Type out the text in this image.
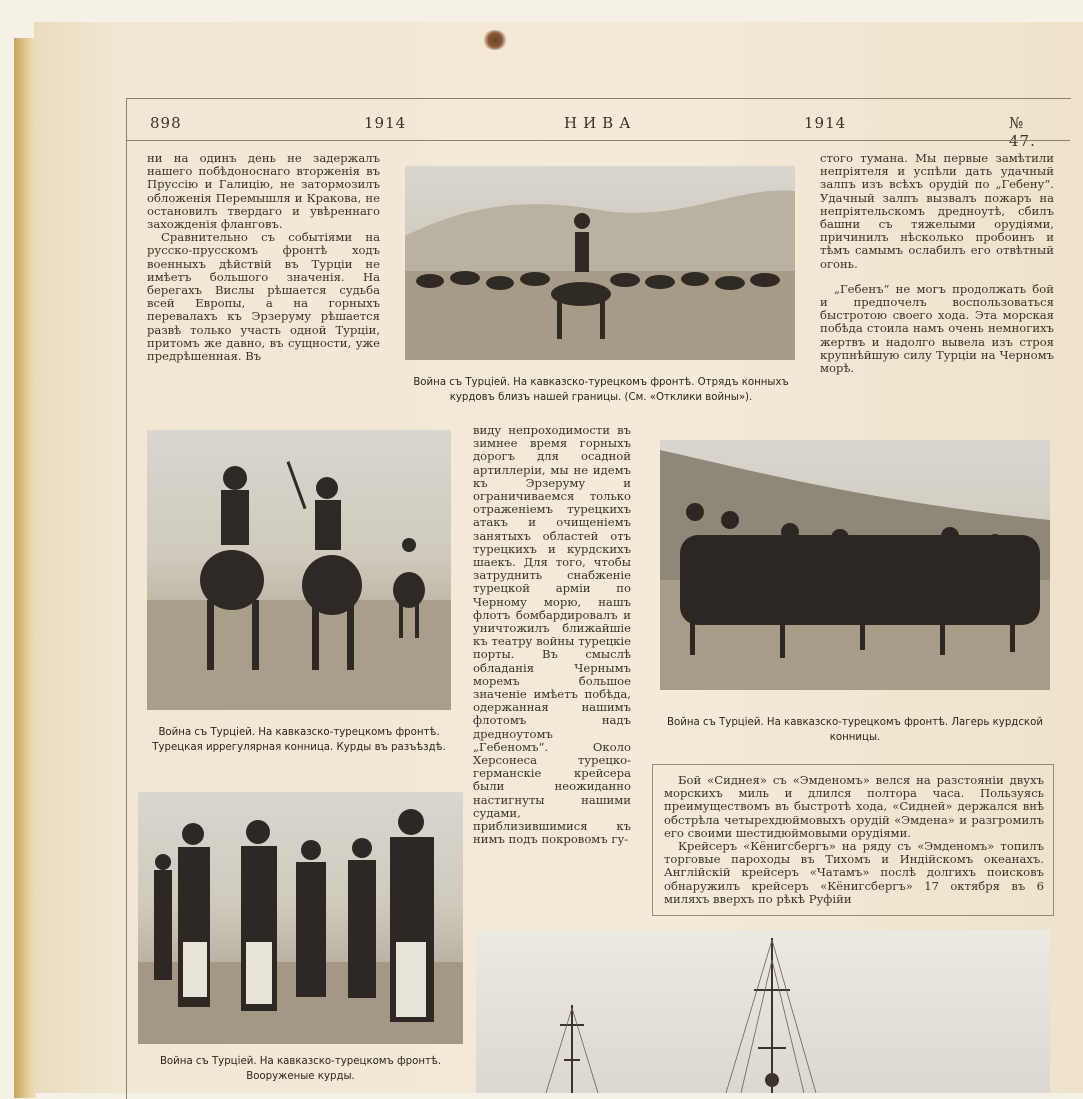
898	1914	НИВА	1914	№ 47.

ни на одинъ день не задержалъ нашего побѣдоноснаго вторженія въ Пруссію и Галицію, не затормозилъ обложенія Перемышля и Кракова, не остановилъ твердаго и увѣреннаго захожденія фланговъ.

Сравнительно съ событіями на русско-прусскомъ фронтѣ ходъ военныхъ дѣйствій въ Турціи не имѣетъ большого значенія. На берегахъ Вислы рѣшается судьба всей Европы, а на горныхъ перевалахъ къ Эрзеруму рѣшается развѣ только участь одной Турціи, притомъ же давно, въ сущности, уже предрѣшенная. Въ

Война съ Турціей. На кавказско-турецкомъ фронтѣ. Отрядъ конныхъ курдовъ близъ нашей границы. (См. «Отклики войны»).

стого тумана. Мы первые замѣтили непріятеля и успѣли дать удачный залпъ изъ всѣхъ орудій по „Гебену“. Удачный залпъ вызвалъ пожаръ на непріятельскомъ дредноутѣ, сбилъ башни съ тяжелыми орудіями, причинилъ нѣсколько пробоинъ и тѣмъ самымъ ослабилъ его отвѣтный огонь.

„Гебенъ“ не могъ продолжать бой и предпочелъ воспользоваться быстротою своего хода. Эта морская побѣда стоила намъ очень немногихъ жертвъ и надолго вывела изъ строя крупнѣйшую силу Турціи на Черномъ морѣ.

Война съ Турціей. На кавказско-турецкомъ фронтѣ. Турецкая иррегулярная конница. Курды въ разъѣздѣ.

виду непроходимости въ зимнее время горныхъ дорогъ для осадной артиллеріи, мы не идемъ къ Эрзеруму и ограничиваемся только отраженіемъ турецкихъ атакъ и очищеніемъ занятыхъ областей отъ турецкихъ и курдскихъ шаекъ. Для того, чтобы затруднить снабженіе турецкой арміи по Черному морю, нашъ флотъ бомбардировалъ и уничтожилъ ближайшіе къ театру войны турецкіе порты. Въ смыслѣ обладанія Чернымъ моремъ большое значеніе имѣетъ побѣда, одержанная нашимъ флотомъ надъ дредноутомъ „Гебеномъ“. Около Херсонеса турецко-германскіе крейсера были неожиданно настигнуты нашими судами, приблизившимися къ нимъ подъ покровомъ гу-

Война съ Турціей. На кавказско-турецкомъ фронтѣ. Лагерь курдской конницы.

Бой «Сиднея» съ «Эмденомъ» велся на разстояніи двухъ морскихъ миль и длился полтора часа. Пользуясь преимуществомъ въ быстротѣ хода, «Сидней» держался внѣ обстрѣла четырехдюймовыхъ орудій «Эмдена» и разгромилъ его своими шестидюймовыми орудіями.

Крейсеръ «Кёнигсбергъ» на ряду съ «Эмденомъ» топилъ торговые пароходы въ Тихомъ и Индійскомъ океанахъ. Англійскій крейсеръ «Чатамъ» послѣ долгихъ поисковъ обнаружилъ крейсеръ «Кёнигсбергъ» 17 октября въ 6 миляхъ вверхъ по рѣкѣ Руфійи

Война съ Турціей. На кавказско-турецкомъ фронтѣ. Вооруженые курды.
